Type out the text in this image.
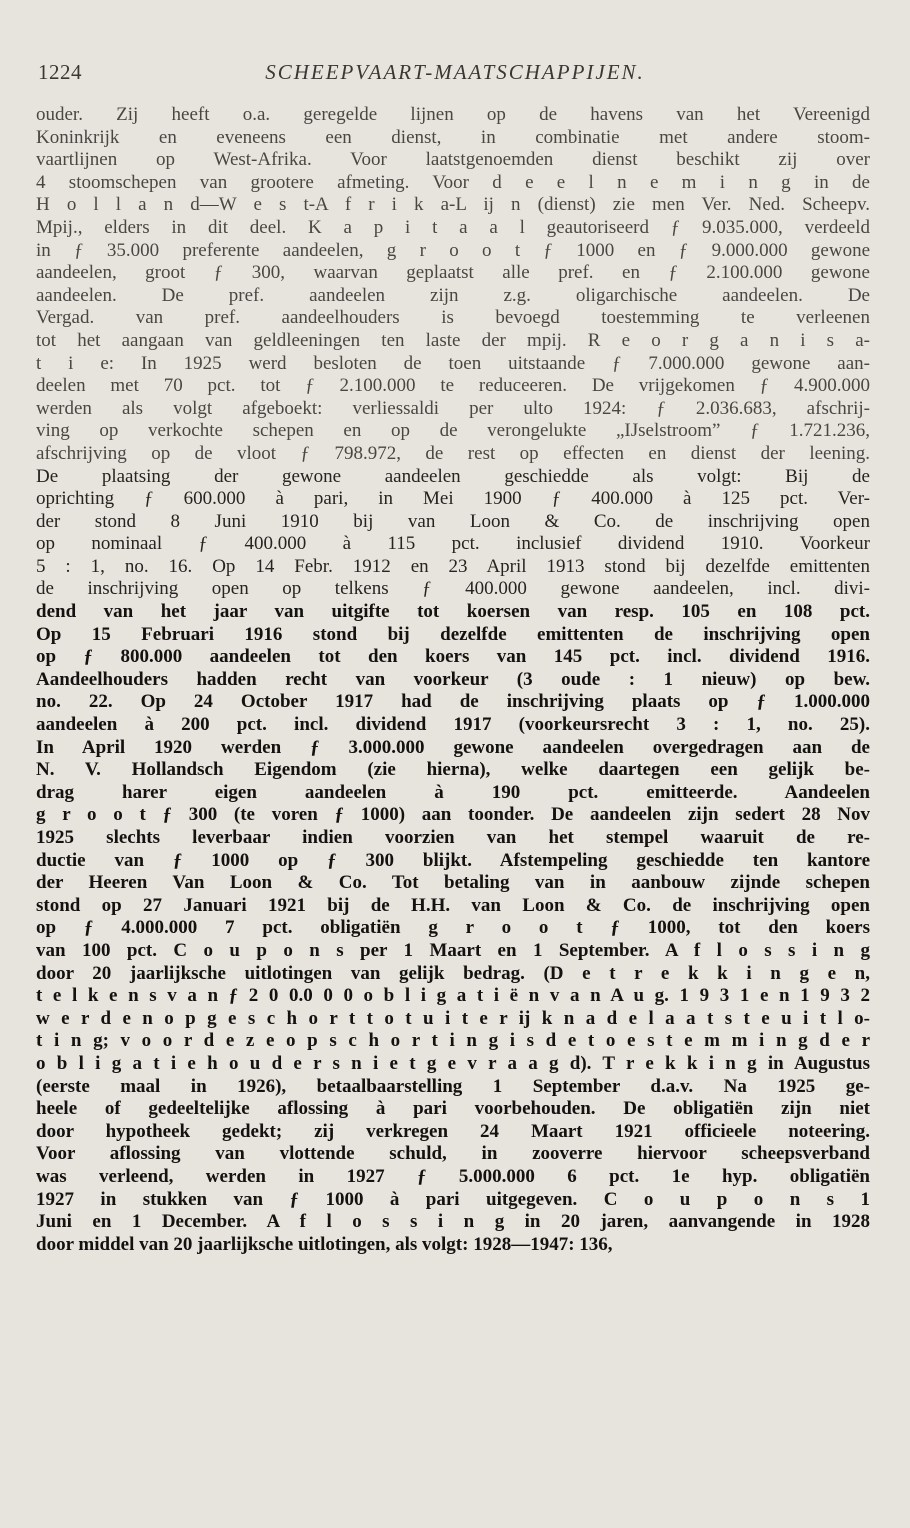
1224	SCHEEPVAART-MAATSCHAPPIJEN.
ouder. Zij heeft o.a. geregelde lijnen op de havens van het Vereenigd
Koninkrijk en eveneens een dienst, in combinatie met andere stoom-
vaartlijnen op West-Afrika. Voor laatstgenoemden dienst beschikt zij over
4 stoomschepen van grootere afmeting. Voor d e e l n e m i n g in de
H o l l a n d—W e s t-A f r i k a-L ij n (dienst) zie men Ver. Ned. Scheepv.
Mpij., elders in dit deel. K a p i t a a l geautoriseerd ƒ 9.035.000, verdeeld
in ƒ 35.000 preferente aandeelen, g r o o t ƒ 1000 en ƒ 9.000.000 gewone
aandeelen, groot ƒ 300, waarvan geplaatst alle pref. en ƒ 2.100.000 gewone
aandeelen. De pref. aandeelen zijn z.g. oligarchische aandeelen. De
Vergad. van pref. aandeelhouders is bevoegd toestemming te verleenen
tot het aangaan van geldleeningen ten laste der mpij. R e o r g a n i s a-
t i e: In 1925 werd besloten de toen uitstaande ƒ 7.000.000 gewone aan-
deelen met 70 pct. tot ƒ 2.100.000 te reduceeren. De vrijgekomen ƒ 4.900.000
werden als volgt afgeboekt: verliessaldi per ulto 1924: ƒ 2.036.683, afschrij-
ving op verkochte schepen en op de verongelukte „IJselstroom” ƒ 1.721.236,
afschrijving op de vloot ƒ 798.972, de rest op effecten en dienst der leening.
De plaatsing der gewone aandeelen geschiedde als volgt: Bij de
oprichting ƒ 600.000 à pari, in Mei 1900 ƒ 400.000 à 125 pct. Ver-
der stond 8 Juni 1910 bij van Loon & Co. de inschrijving open
op nominaal ƒ 400.000 à 115 pct. inclusief dividend 1910. Voorkeur
5 : 1, no. 16. Op 14 Febr. 1912 en 23 April 1913 stond bij dezelfde emittenten
de inschrijving open op telkens ƒ 400.000 gewone aandeelen, incl. divi-
dend van het jaar van uitgifte tot koersen van resp. 105 en 108 pct.
Op 15 Februari 1916 stond bij dezelfde emittenten de inschrijving open
op ƒ 800.000 aandeelen tot den koers van 145 pct. incl. dividend 1916.
Aandeelhouders hadden recht van voorkeur (3 oude : 1 nieuw) op bew.
no. 22. Op 24 October 1917 had de inschrijving plaats op ƒ 1.000.000
aandeelen à 200 pct. incl. dividend 1917 (voorkeursrecht 3 : 1, no. 25).
In April 1920 werden ƒ 3.000.000 gewone aandeelen overgedragen aan de
N. V. Hollandsch Eigendom (zie hierna), welke daartegen een gelijk be-
drag harer eigen aandeelen à 190 pct. emitteerde. Aandeelen
g r o o t ƒ 300 (te voren ƒ 1000) aan toonder. De aandeelen zijn sedert 28 Nov
1925 slechts leverbaar indien voorzien van het stempel waaruit de re-
ductie van ƒ 1000 op ƒ 300 blijkt. Afstempeling geschiedde ten kantore
der Heeren Van Loon & Co. Tot betaling van in aanbouw zijnde schepen
stond op 27 Januari 1921 bij de H.H. van Loon & Co. de inschrijving open
op ƒ 4.000.000 7 pct. obligatiën g r o o t ƒ 1000, tot den koers
van 100 pct. C o u p o n s per 1 Maart en 1 September. A f l o s s i n g
door 20 jaarlijksche uitlotingen van gelijk bedrag. (D e t r e k k i n g e n,
t e l k e n s v a n ƒ 2 0 0.0 0 0 o b l i g a t i ë n v a n A u g. 1 9 3 1 e n 1 9 3 2
w e r d e n o p g e s c h o r t t o t u i t e r ij k n a d e l a a t s t e u i t l o-
t i n g; v o o r d e z e o p s c h o r t i n g i s d e t o e s t e m m i n g d e r
o b l i g a t i e h o u d e r s n i e t g e v r a a g d). T r e k k i n g in Augustus
(eerste maal in 1926), betaalbaarstelling 1 September d.a.v. Na 1925 ge-
heele of gedeeltelijke aflossing à pari voorbehouden. De obligatiën zijn niet
door hypotheek gedekt; zij verkregen 24 Maart 1921 officieele noteering.
Voor aflossing van vlottende schuld, in zooverre hiervoor scheepsverband
was verleend, werden in 1927 ƒ 5.000.000 6 pct. 1e hyp. obligatiën
1927 in stukken van ƒ 1000 à pari uitgegeven. C o u p o n s 1
Juni en 1 December. A f l o s s i n g in 20 jaren, aanvangende in 1928
door middel van 20 jaarlijksche uitlotingen, als volgt: 1928—1947: 136,
